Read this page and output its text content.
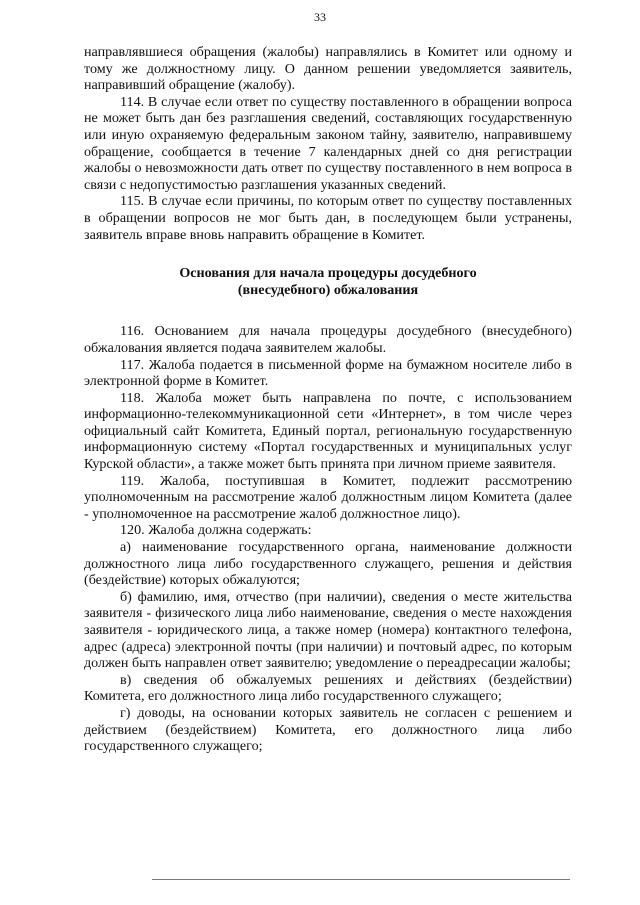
33

направлявшиеся обращения (жалобы) направлялись в Комитет или одному и тому же должностному лицу. О данном решении уведомляется заявитель, направивший обращение (жалобу).

114. В случае если ответ по существу поставленного в обращении вопроса не может быть дан без разглашения сведений, составляющих государственную или иную охраняемую федеральным законом тайну, заявителю, направившему обращение, сообщается в течение 7 календарных дней со дня регистрации жалобы о невозможности дать ответ по существу поставленного в нем вопроса в связи с недопустимостью разглашения указанных сведений.

115. В случае если причины, по которым ответ по существу поставленных в обращении вопросов не мог быть дан, в последующем были устранены, заявитель вправе вновь направить обращение в Комитет.

Основания для начала процедуры досудебного
(внесудебного) обжалования

116. Основанием для начала процедуры досудебного (внесудебного) обжалования является подача заявителем жалобы.

117. Жалоба подается в письменной форме на бумажном носителе либо в электронной форме в Комитет.

118. Жалоба может быть направлена по почте, с использованием информационно-телекоммуникационной сети «Интернет», в том числе через официальный сайт Комитета, Единый портал, региональную государственную информационную систему «Портал государственных и муниципальных услуг Курской области», а также может быть принята при личном приеме заявителя.

119. Жалоба, поступившая в Комитет, подлежит рассмотрению уполномоченным на рассмотрение жалоб должностным лицом Комитета (далее - уполномоченное на рассмотрение жалоб должностное лицо).

120. Жалоба должна содержать:

а) наименование государственного органа, наименование должности должностного лица либо государственного служащего, решения и действия (бездействие) которых обжалуются;

б) фамилию, имя, отчество (при наличии), сведения о месте жительства заявителя - физического лица либо наименование, сведения о месте нахождения заявителя - юридического лица, а также номер (номера) контактного телефона, адрес (адреса) электронной почты (при наличии) и почтовый адрес, по которым должен быть направлен ответ заявителю; уведомление о переадресации жалобы;

в) сведения об обжалуемых решениях и действиях (бездействии) Комитета, его должностного лица либо государственного служащего;

г) доводы, на основании которых заявитель не согласен с решением и действием (бездействием) Комитета, его должностного лица либо государственного служащего;
